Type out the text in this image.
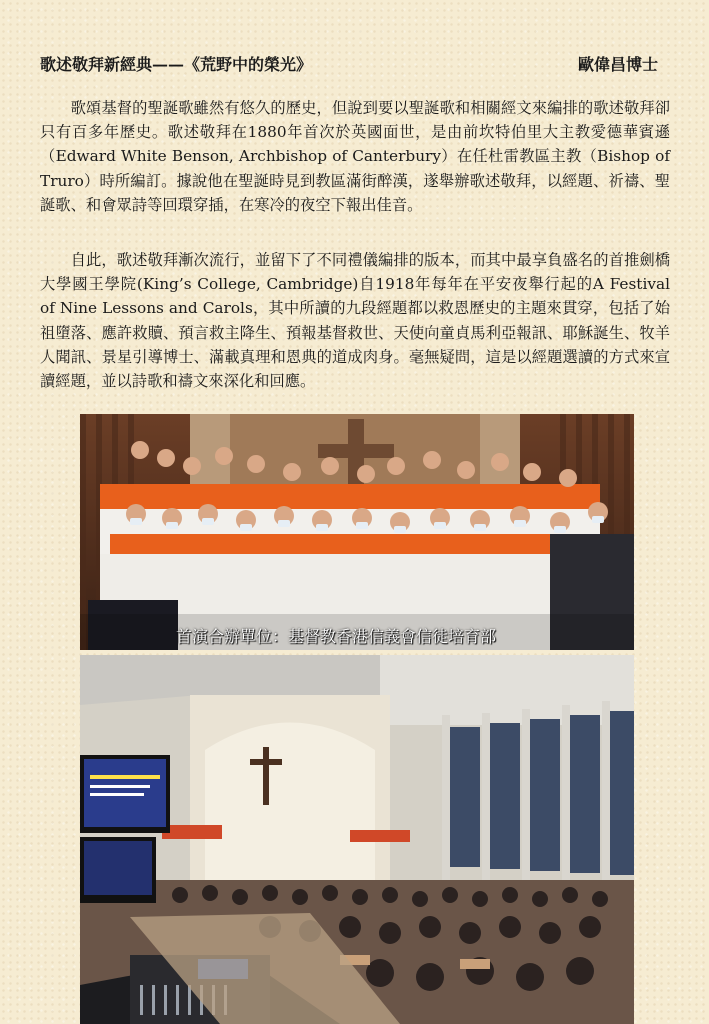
歌述敬拜新經典——《荒野中的榮光》	歐偉昌博士

歌頌基督的聖誕歌雖然有悠久的歷史，但說到要以聖誕歌和相關經文來編排的歌述敬拜卻只有百多年歷史。歌述敬拜在1880年首次於英國面世，是由前坎特伯里大主教愛德華賓遜（Edward White Benson, Archbishop of Canterbury）在任杜雷教區主教（Bishop of Truro）時所編訂。據說他在聖誕時見到教區滿街醉漢，遂舉辦歌述敬拜，以經題、祈禱、聖誕歌、和會眾詩等回環穿插，在寒冷的夜空下報出佳音。

自此，歌述敬拜漸次流行，並留下了不同禮儀編排的版本，而其中最享負盛名的首推劍橋大學國王學院(King’s College, Cambridge)自1918年每年在平安夜舉行起的A Festival of Nine Lessons and Carols，其中所讀的九段經題都以救恩歷史的主題來貫穿，包括了始祖墮落、應許救贖、預言救主降生、預報基督救世、天使向童貞馬利亞報訊、耶穌誕生、牧羊人聞訊、景星引導博士、滿載真理和恩典的道成肉身。毫無疑問，這是以經題選讀的方式來宣讀經題，並以詩歌和禱文來深化和回應。

首演合辦單位：基督教香港信義會信徒培育部
